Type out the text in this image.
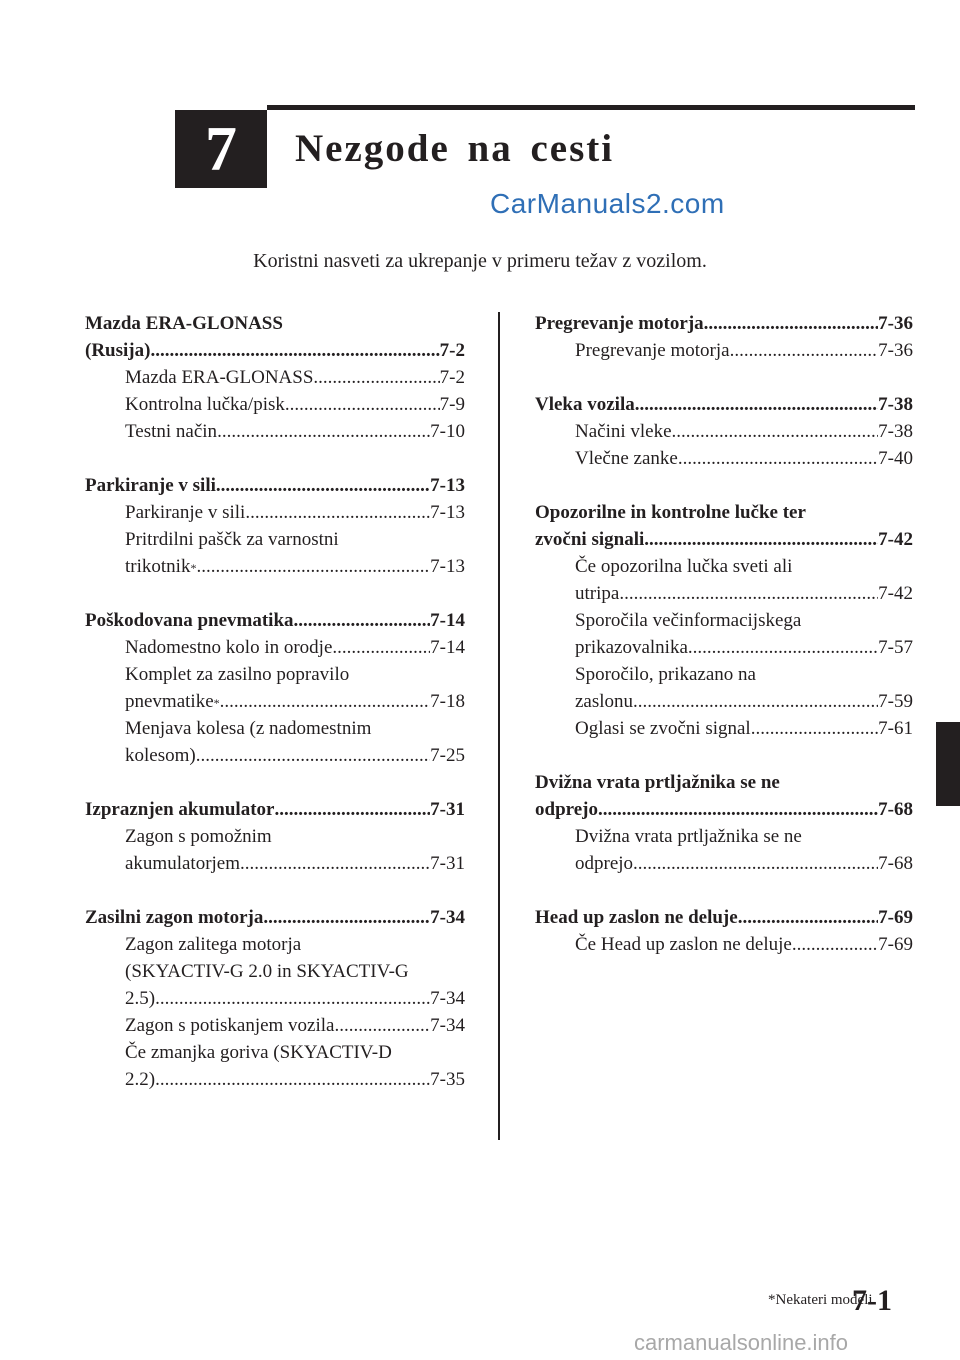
7	Nezgode na cesti
CarManuals2.com
Koristni nasveti za ukrepanje v primeru težav z vozilom.
Mazda ERA-GLONASS
(Rusija) .....	7-2
Mazda ERA-GLONASS .....	7-2
Kontrolna lučka/pisk .....	7-9
Testni način .....	7-10
Parkiranje v sili .....	7-13
Parkiranje v sili .....	7-13
Pritrdilni paščk za varnostni
trikotnik * .....	7-13
Poškodovana pnevmatika .....	7-14
Nadomestno kolo in orodje .....	7-14
Komplet za zasilno popravilo
pnevmatike * .....	7-18
Menjava kolesa (z nadomestnim
kolesom) .....	7-25
Izpraznjen akumulator .....	7-31
Zagon s pomožnim
akumulatorjem .....	7-31
Zasilni zagon motorja .....	7-34
Zagon zalitega motorja
(SKYACTIV-G 2.0 in SKYACTIV-G
2.5) .....	7-34
Zagon s potiskanjem vozila .....	7-34
Če zmanjka goriva (SKYACTIV-D
2.2) .....	7-35
Pregrevanje motorja .....	7-36
Pregrevanje motorja .....	7-36
Vleka vozila .....	7-38
Načini vleke .....	7-38
Vlečne zanke .....	7-40
Opozorilne in kontrolne lučke ter
zvočni signali .....	7-42
Če opozorilna lučka sveti ali
utripa .....	7-42
Sporočila večinformacijskega
prikazovalnika .....	7-57
Sporočilo, prikazano na
zaslonu .....	7-59
Oglasi se zvočni signal .....	7-61
Dvižna vrata prtljažnika se ne
odprejo .....	7-68
Dvižna vrata prtljažnika se ne
odprejo .....	7-68
Head up zaslon ne deluje .....	7-69
Če Head up zaslon ne deluje .....	7-69
*Nekateri modeli.
7-1
carmanualsonline.info
